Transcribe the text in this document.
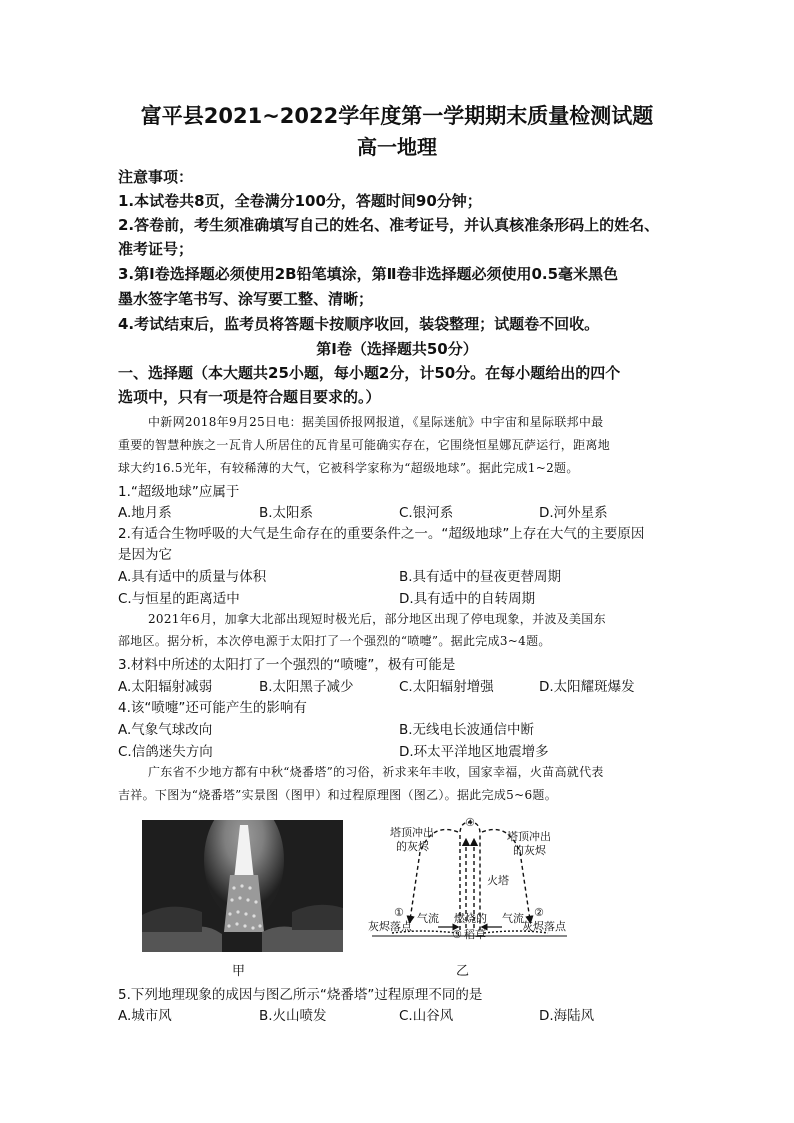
富平县2021~2022学年度第一学期期末质量检测试题
高一地理
注意事项：
1.本试卷共8页，全卷满分100分，答题时间90分钟；
2.答卷前，考生须准确填写自己的姓名、准考证号，并认真核准条形码上的姓名、
准考证号；
3.第Ⅰ卷选择题必须使用2B铅笔填涂，第Ⅱ卷非选择题必须使用0.5毫米黑色
墨水签字笔书写、涂写要工整、清晰；
4.考试结束后，监考员将答题卡按顺序收回，装袋整理；试题卷不回收。
第Ⅰ卷（选择题共50分）
一、选择题（本大题共25小题，每小题2分，计50分。在每小题给出的四个
选项中，只有一项是符合题目要求的。）
中新网2018年9月25日电：据美国侨报网报道，《星际迷航》中宇宙和星际联邦中最
重要的智慧种族之一瓦肯人所居住的瓦肯星可能确实存在，它围绕恒星娜瓦萨运行，距离地
球大约16.5光年，有较稀薄的大气，它被科学家称为“超级地球”。据此完成1~2题。
1.“超级地球”应属于
A.地月系	B.太阳系	C.银河系	D.河外星系
2.有适合生物呼吸的大气是生命存在的重要条件之一。“超级地球”上存在大气的主要原因
是因为它
A.具有适中的质量与体积	B.具有适中的昼夜更替周期
C.与恒星的距离适中	D.具有适中的自转周期
2021年6月，加拿大北部出现短时极光后，部分地区出现了停电现象，并波及美国东
部地区。据分析，本次停电源于太阳打了一个强烈的“喷嚏”。据此完成3~4题。
3.材料中所述的太阳打了一个强烈的“喷嚏”，极有可能是
A.太阳辐射减弱	B.太阳黑子减少	C.太阳辐射增强	D.太阳耀斑爆发
4.该“喷嚏”还可能产生的影响有
A.气象气球改向	B.无线电长波通信中断
C.信鸽迷失方向	D.环太平洋地区地震增多
广东省不少地方都有中秋“烧番塔”的习俗，祈求来年丰收，国家幸福，火苗高就代表
吉祥。下图为“烧番塔”实景图（图甲）和过程原理图（图乙）。据此完成5~6题。
④
塔顶冲出
的灰烬
塔顶冲出
的灰烬
火塔
①
灰烬落点
气流 燃烧的
③ 稻草
气流 ②
灰烬落点
甲	乙
5.下列地理现象的成因与图乙所示“烧番塔”过程原理不同的是
A.城市风	B.火山喷发	C.山谷风	D.海陆风
